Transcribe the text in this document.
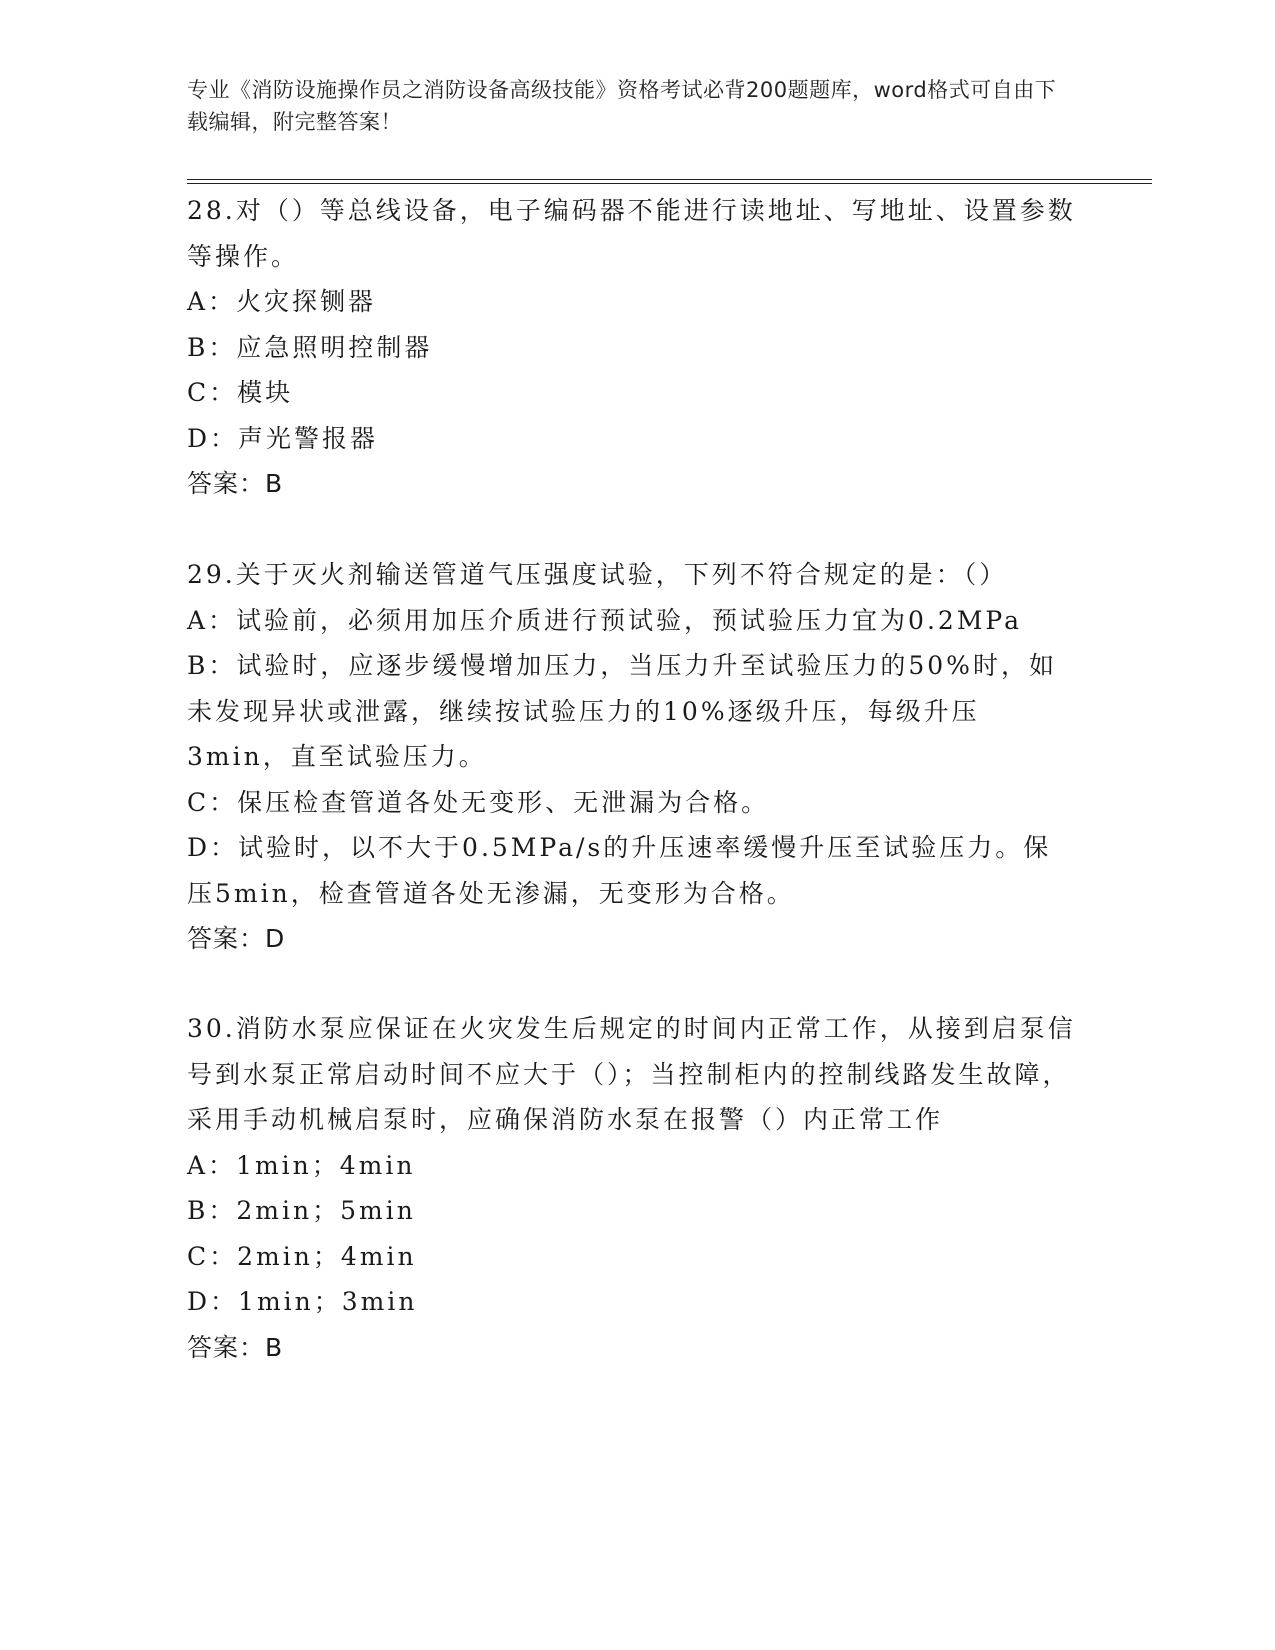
专业《消防设施操作员之消防设备高级技能》资格考试必背200题题库，word格式可自由下载编辑，附完整答案！

28.对（）等总线设备，电子编码器不能进行读地址、写地址、设置参数等操作。

A：火灾探铡器

B：应急照明控制器

C：模块

D：声光警报器

答案：B

29.关于灭火剂输送管道气压强度试验，下列不符合规定的是：（）

A：试验前，必须用加压介质进行预试验，预试验压力宜为0.2MPa

B：试验时，应逐步缓慢增加压力，当压力升至试验压力的50%时，如未发现异状或泄露，继续按试验压力的10%逐级升压，每级升压3min，直至试验压力。

C：保压检查管道各处无变形、无泄漏为合格。

D：试验时，以不大于0.5MPa/s的升压速率缓慢升压至试验压力。保压5min，检查管道各处无渗漏，无变形为合格。

答案：D

30.消防水泵应保证在火灾发生后规定的时间内正常工作，从接到启泵信号到水泵正常启动时间不应大于（）；当控制柜内的控制线路发生故障，采用手动机械启泵时，应确保消防水泵在报警（）内正常工作

A：1min；4min

B：2min；5min

C：2min；4min

D：1min；3min

答案：B
